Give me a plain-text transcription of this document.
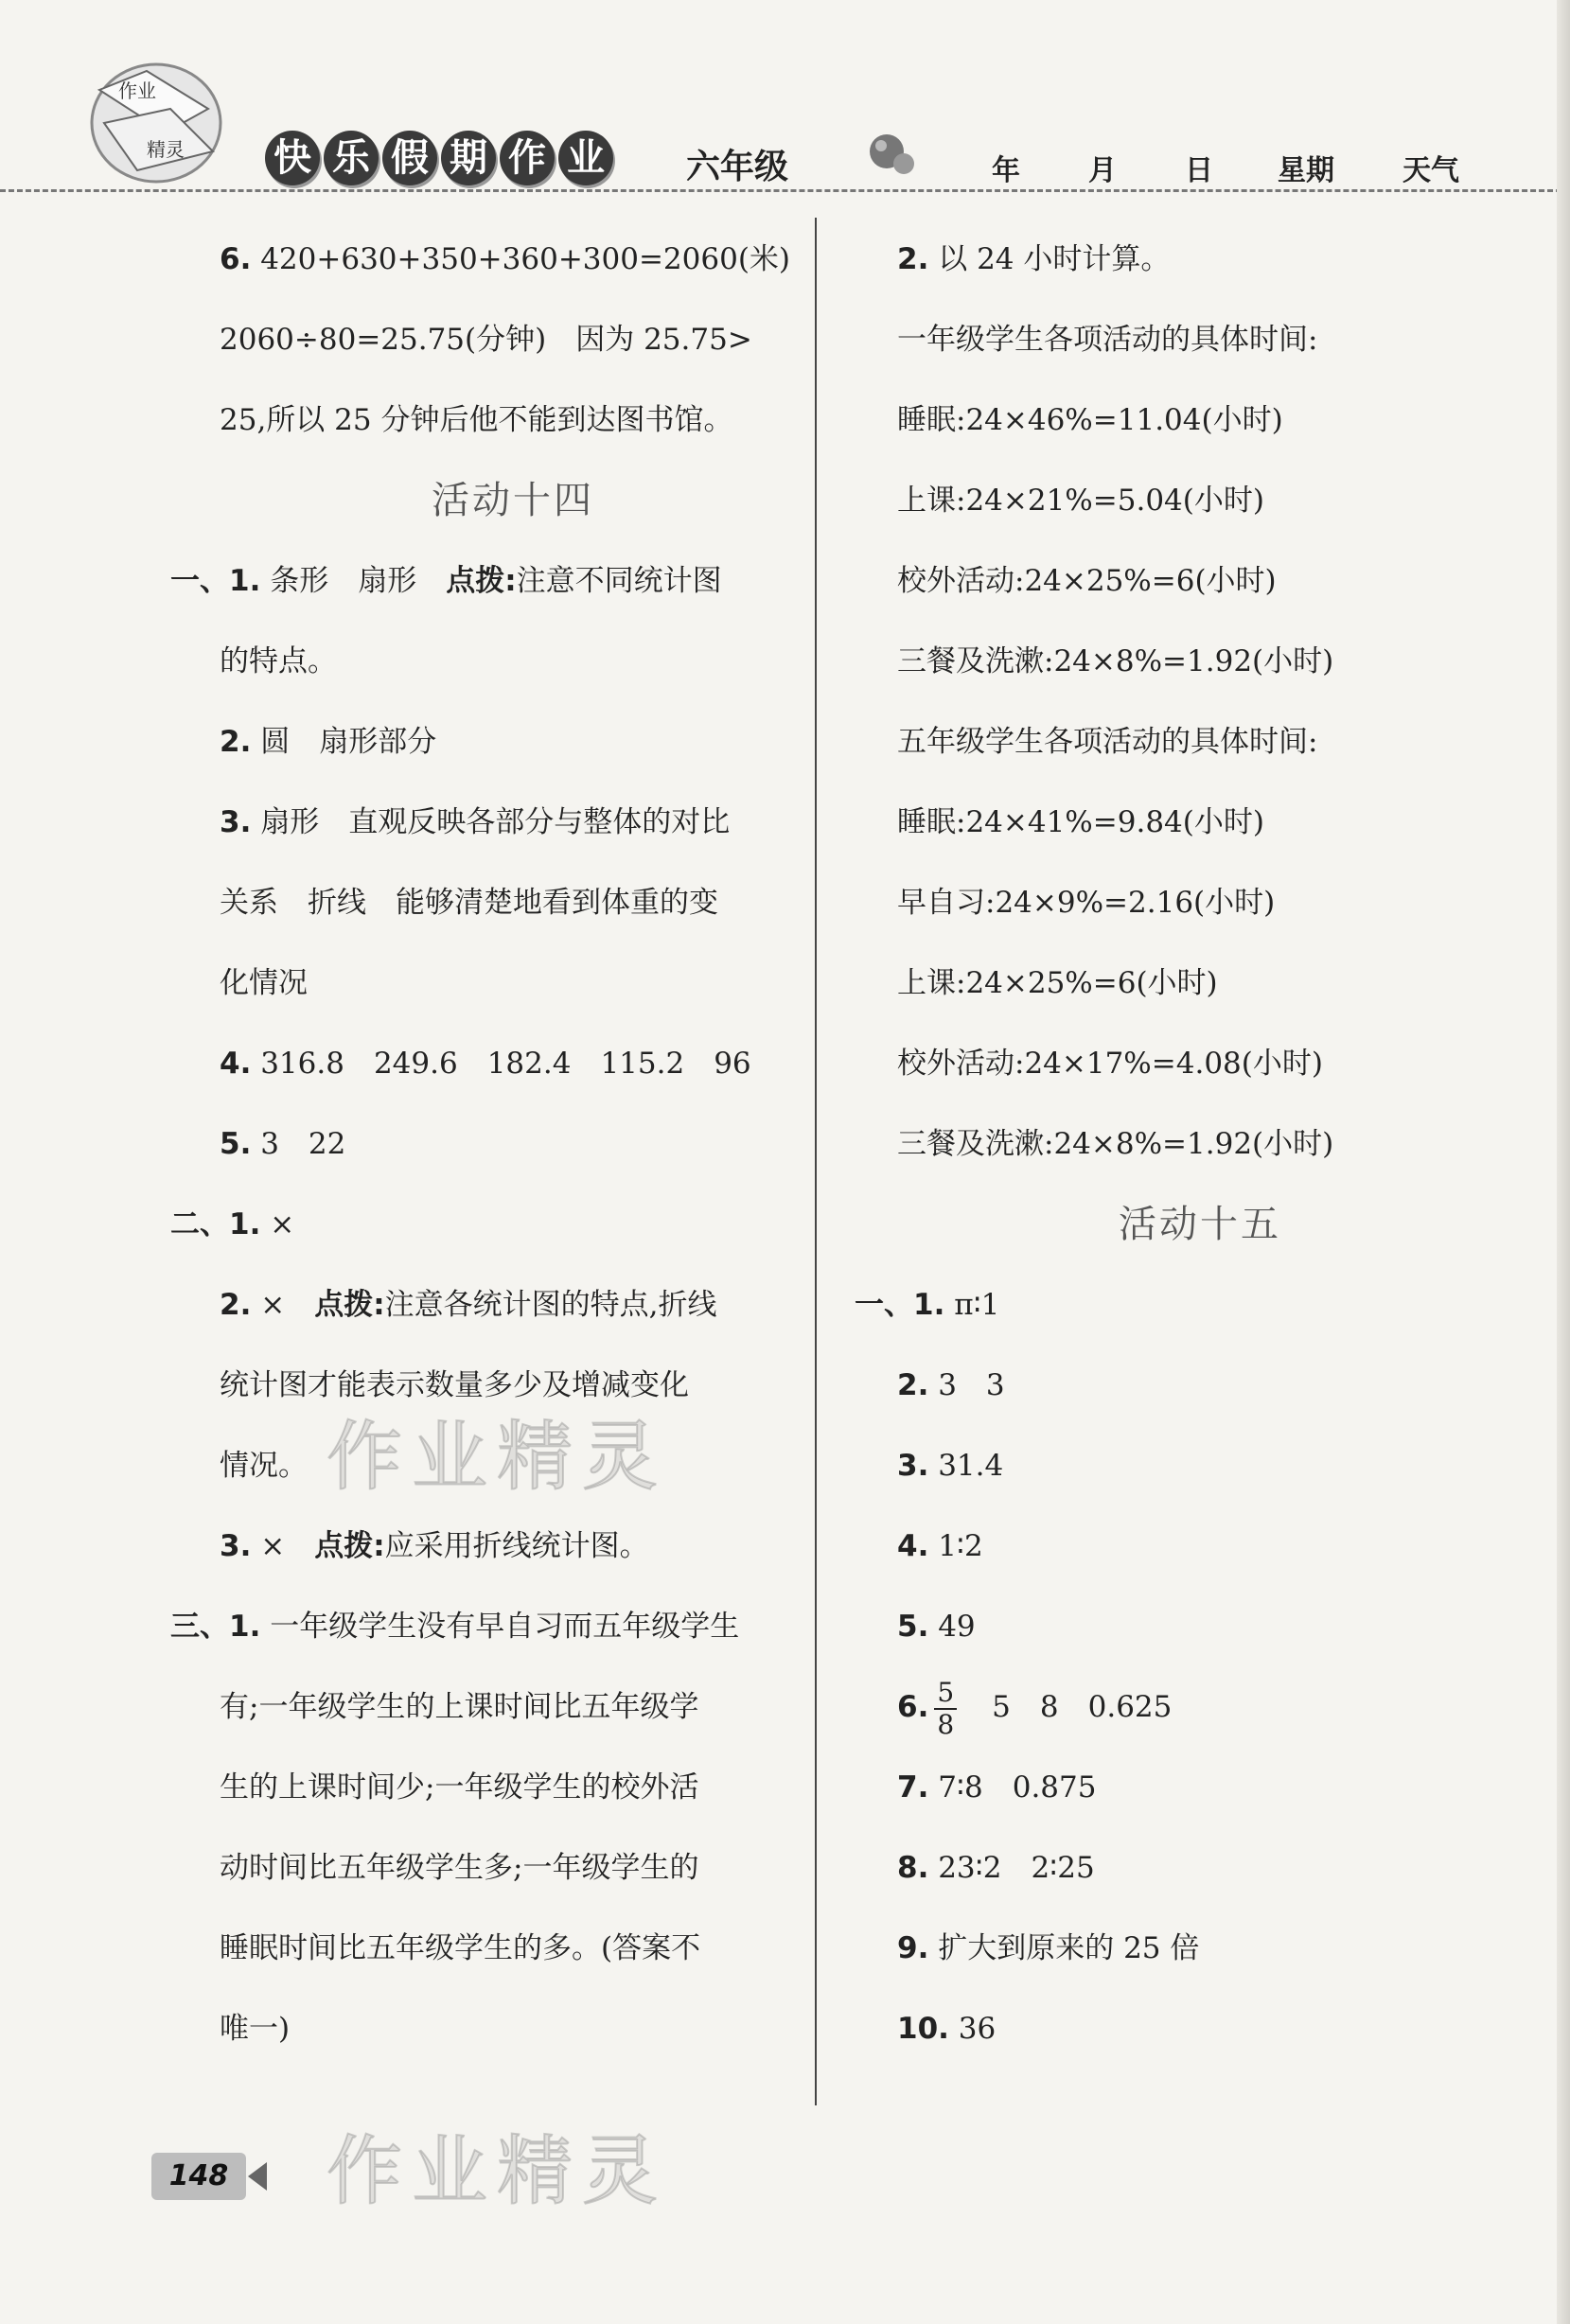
作业
精灵 快 乐 假 期 作 业 六年级	年 月 日 星期 天气
6. 420+630+350+360+300=2060(米)
2060÷80=25.75(分钟)　因为 25.75>
25,所以 25 分钟后他不能到达图书馆。
活动十四
一、1. 条形　扇形　点拨:注意不同统计图
的特点。
2. 圆　扇形部分
3. 扇形　直观反映各部分与整体的对比
关系　折线　能够清楚地看到体重的变
化情况
4. 316.8　249.6　182.4　115.2　96
5. 3　22
二、1. ×
2. ×　点拨:注意各统计图的特点,折线
统计图才能表示数量多少及增减变化
情况。
3. ×　点拨:应采用折线统计图。
三、1. 一年级学生没有早自习而五年级学生
有;一年级学生的上课时间比五年级学
生的上课时间少;一年级学生的校外活
动时间比五年级学生多;一年级学生的
睡眠时间比五年级学生的多。(答案不
唯一)
2. 以 24 小时计算。
一年级学生各项活动的具体时间:
睡眠:24×46%=11.04(小时)
上课:24×21%=5.04(小时)
校外活动:24×25%=6(小时)
三餐及洗漱:24×8%=1.92(小时)
五年级学生各项活动的具体时间:
睡眠:24×41%=9.84(小时)
早自习:24×9%=2.16(小时)
上课:24×25%=6(小时)
校外活动:24×17%=4.08(小时)
三餐及洗漱:24×8%=1.92(小时)
活动十五
一、1. π∶1
2. 3　3
3. 31.4
4. 1∶2
5. 49
6. $\frac{5}{8}$ 　5　8　0.625
7. 7∶8　0.875
8. 23∶2　2∶25
9. 扩大到原来的 25 倍
10. 36
作业精灵
作业精灵
148
